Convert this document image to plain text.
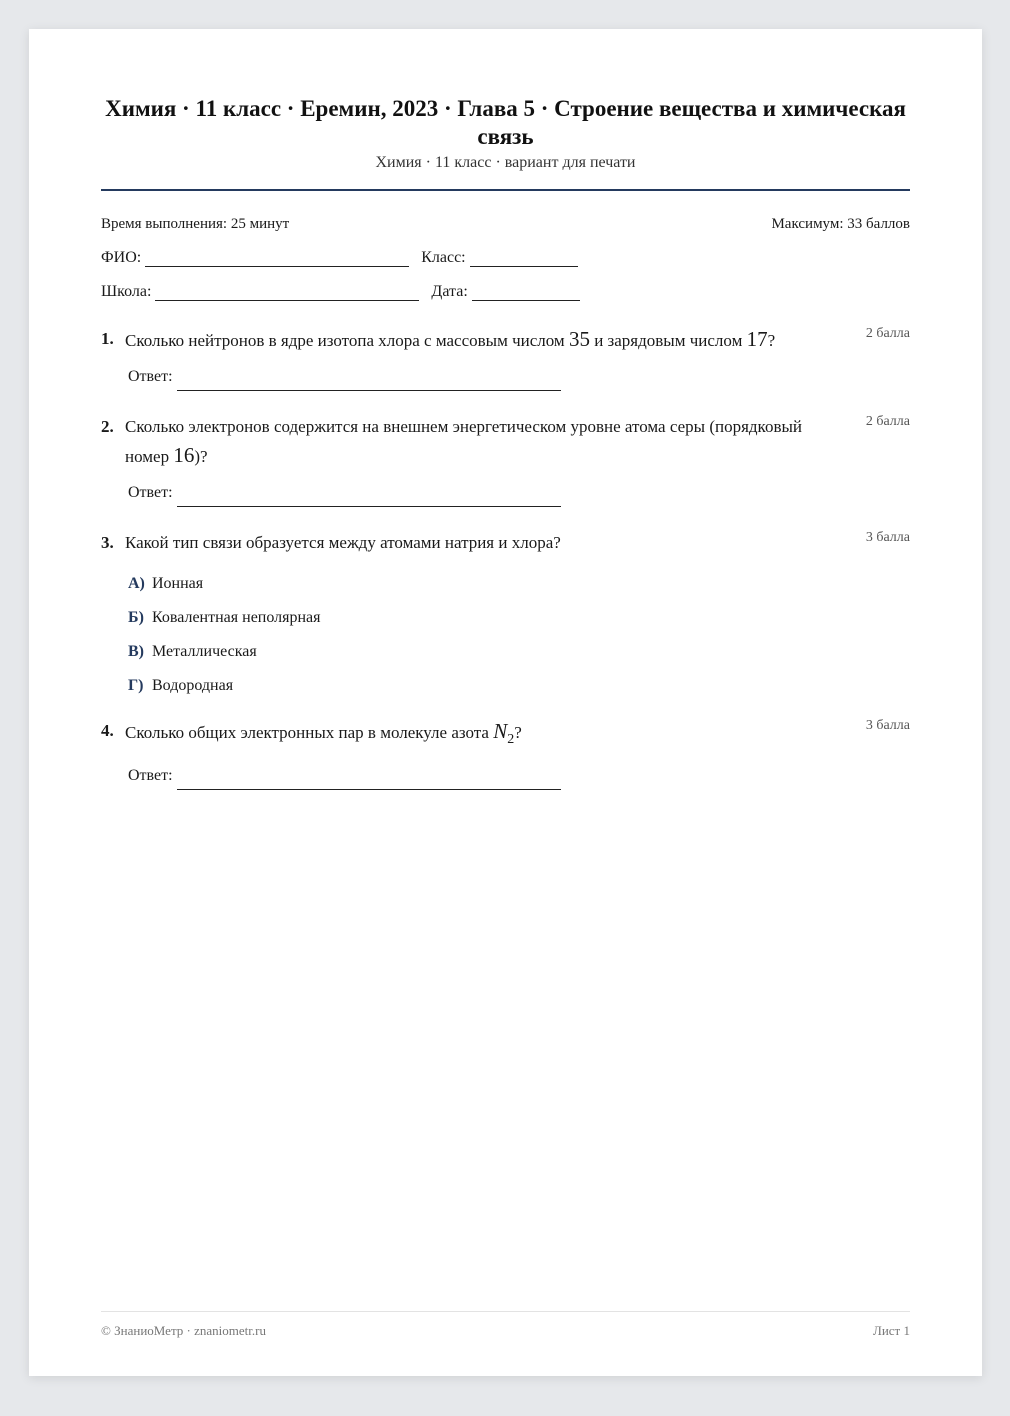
Химия · 11 класс · Еремин, 2023 · Глава 5 · Строение вещества и химическая связь
Химия · 11 класс · вариант для печати
Время выполнения: 25 минут	Максимум: 33 баллов
ФИО:	Класс:
Школа:	Дата:
1. Сколько нейтронов в ядре изотопа хлора с массовым числом 35 и зарядовым числом 17?	2 балла
Ответ:
2. Сколько электронов содержится на внешнем энергетическом уровне атома серы (порядковый номер 16)?
2 балла
Ответ:
3. Какой тип связи образуется между атомами натрия и хлора?	3 балла
А) Ионная
Б) Ковалентная неполярная
В) Металлическая
Г) Водородная
4. Сколько общих электронных пар в молекуле азота $N_2$?	3 балла
Ответ:
© ЗнаниоМетр · znaniometr.ru	Лист 1
